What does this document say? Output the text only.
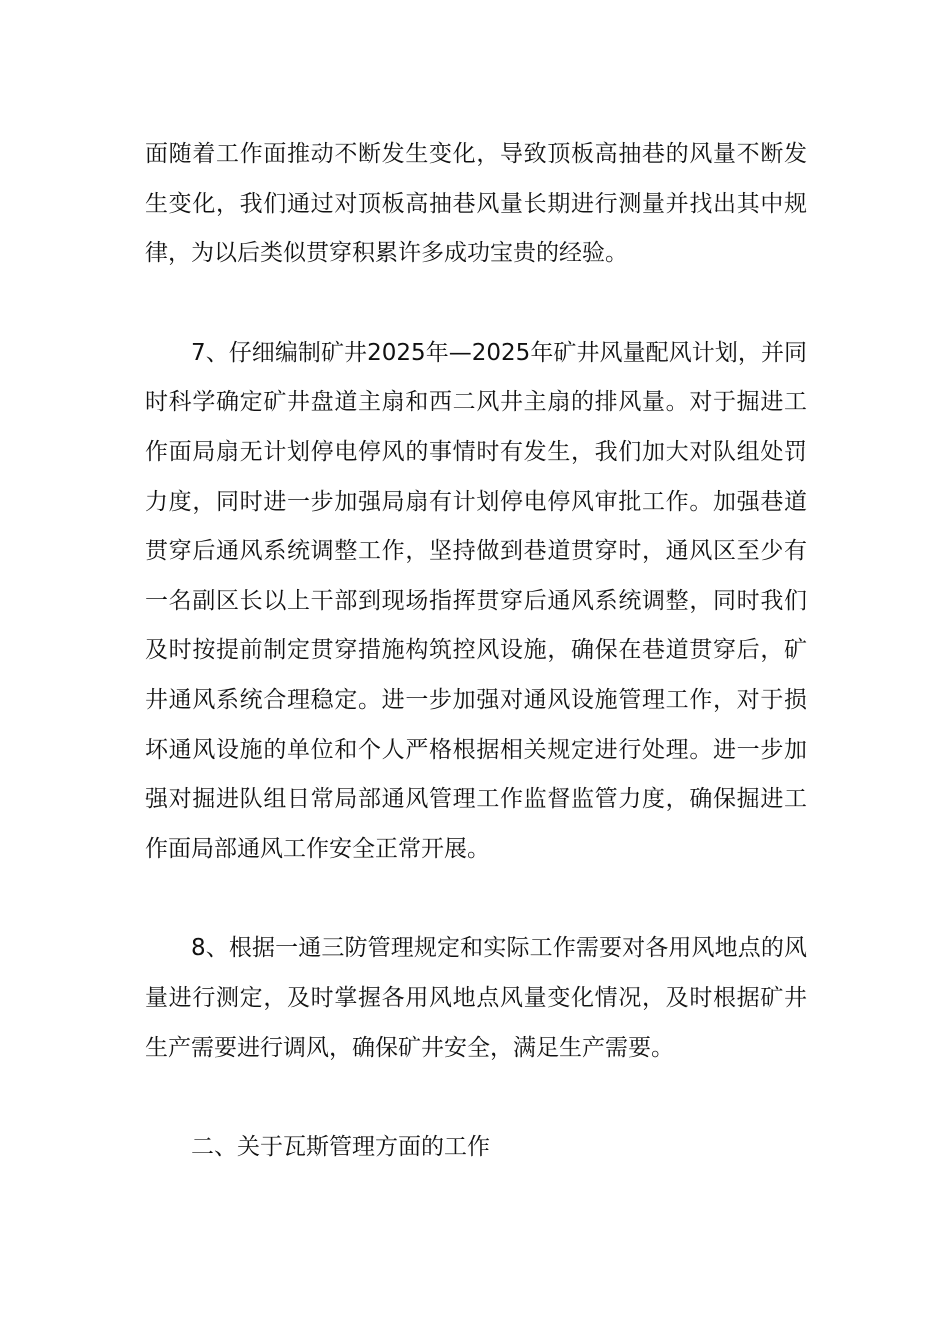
面随着工作面推动不断发生变化，导致顶板高抽巷的风量不断发生变化，我们通过对顶板高抽巷风量长期进行测量并找出其中规律，为以后类似贯穿积累许多成功宝贵的经验。

7、仔细编制矿井2025年—2025年矿井风量配风计划，并同时科学确定矿井盘道主扇和西二风井主扇的排风量。对于掘进工作面局扇无计划停电停风的事情时有发生，我们加大对队组处罚力度，同时进一步加强局扇有计划停电停风审批工作。加强巷道贯穿后通风系统调整工作，坚持做到巷道贯穿时，通风区至少有一名副区长以上干部到现场指挥贯穿后通风系统调整，同时我们及时按提前制定贯穿措施构筑控风设施，确保在巷道贯穿后，矿井通风系统合理稳定。进一步加强对通风设施管理工作，对于损坏通风设施的单位和个人严格根据相关规定进行处理。进一步加强对掘进队组日常局部通风管理工作监督监管力度，确保掘进工作面局部通风工作安全正常开展。

8、根据一通三防管理规定和实际工作需要对各用风地点的风量进行测定，及时掌握各用风地点风量变化情况，及时根据矿井生产需要进行调风，确保矿井安全，满足生产需要。

二、关于瓦斯管理方面的工作
